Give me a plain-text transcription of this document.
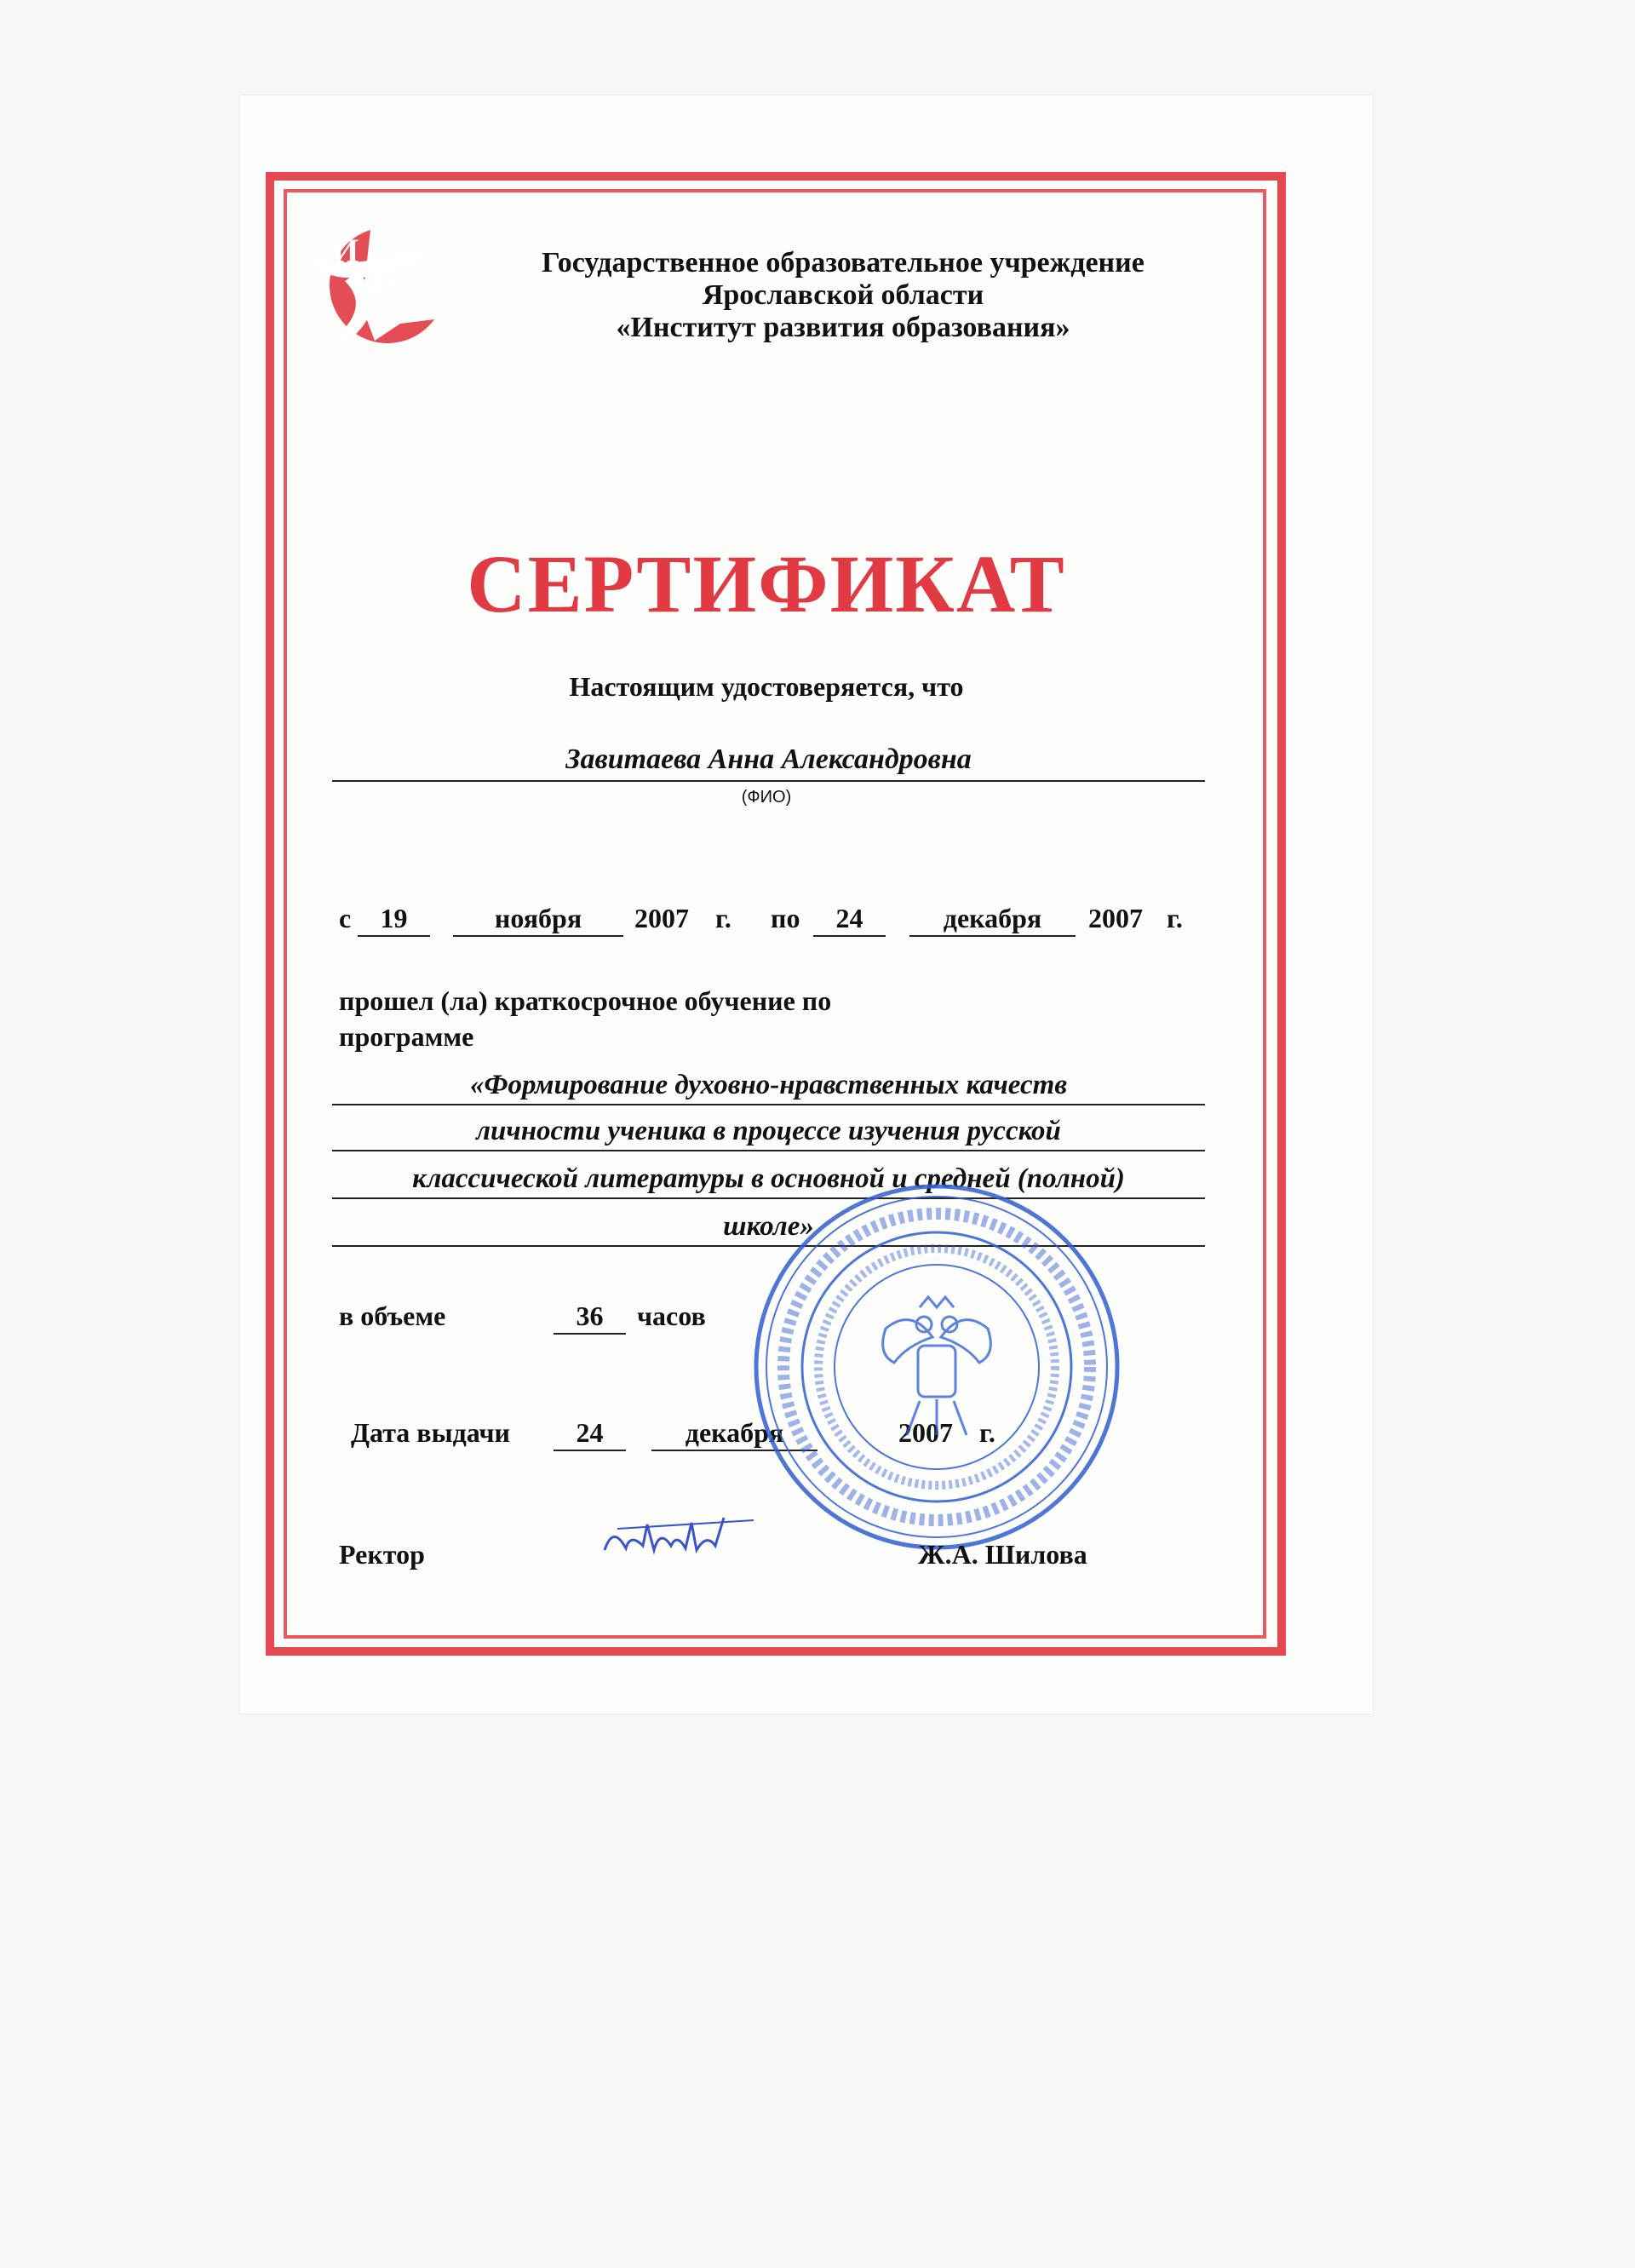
И
Р
Государственное образовательное учреждение
Ярославской области
«Институт развития образования»
СЕРТИФИКАТ
Настоящим удостоверяется, что
Завитаева Анна Александровна
(ФИО)
с	19	ноября	2007 г. по	24	декабря	2007 г.
прошел (ла) краткосрочное обучение по
программе
«Формирование духовно-нравственных качеств
личности ученика в процессе изучения русской
классической литературы в основной и средней (полной)
школе»
в объеме	36	часов
Дата выдачи	24	декабря	2007 г.
Ректор	Ж.А. Шилова
